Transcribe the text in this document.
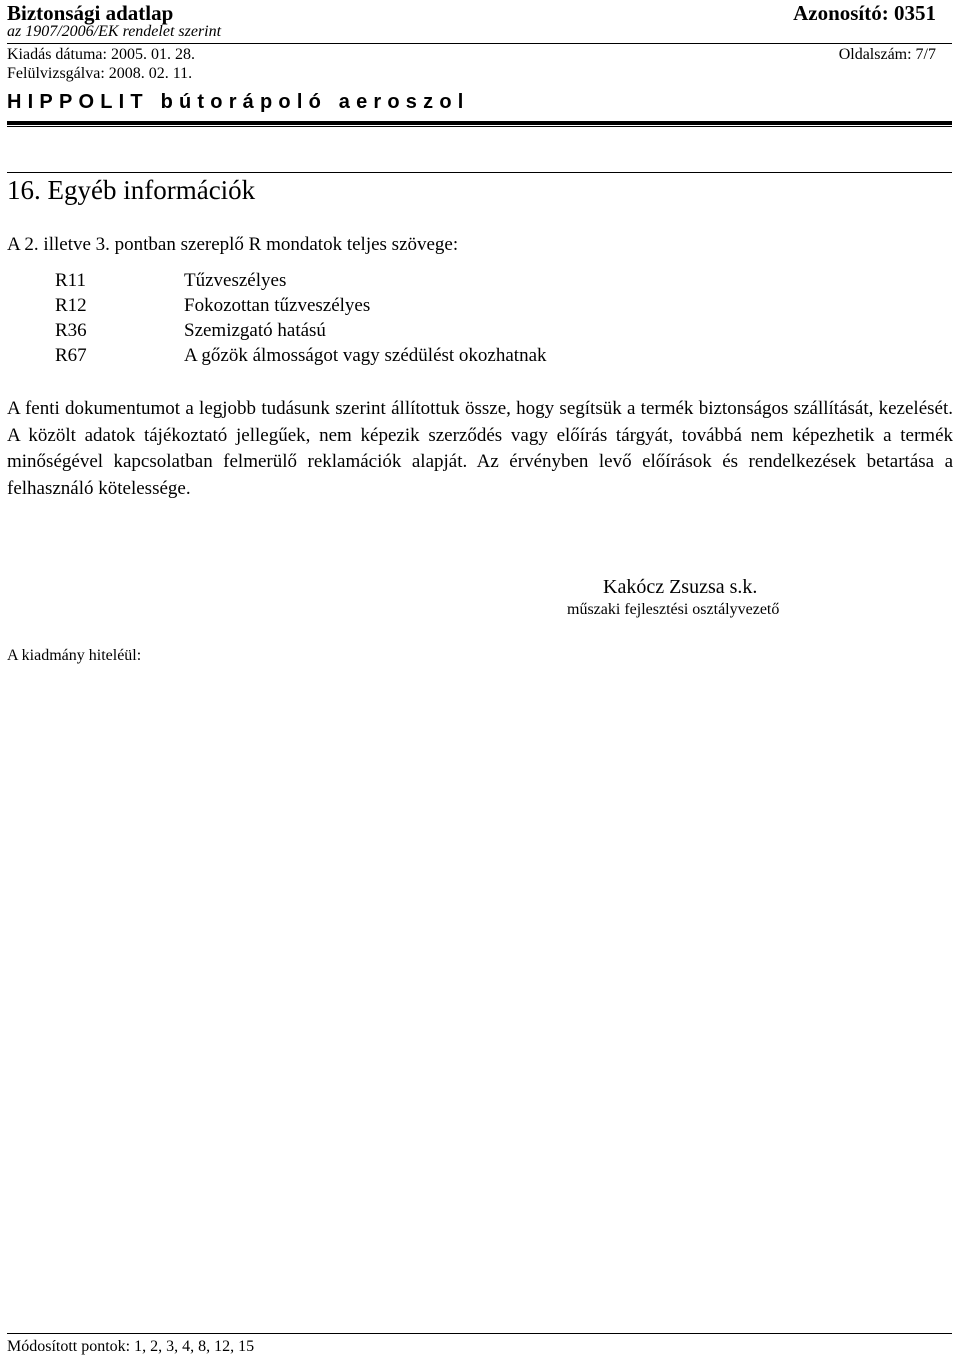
Biztonsági adatlap	Azonosító: 0351
az 1907/2006/EK rendelet szerint
Kiadás dátuma: 2005. 01. 28.	Oldalszám: 7/7
Felülvizsgálva: 2008. 02. 11.
HIPPOLIT bútorápoló aeroszol
16. Egyéb információk
A 2. illetve 3. pontban szereplő R mondatok teljes szövege:
R11	Tűzveszélyes
R12	Fokozottan tűzveszélyes
R36	Szemizgató hatású
R67	A gőzök álmosságot vagy szédülést okozhatnak
A fenti dokumentumot a legjobb tudásunk szerint állítottuk össze, hogy segítsük a termék biztonságos szállítását, kezelését. A közölt adatok tájékoztató jellegűek, nem képezik szerződés vagy előírás tárgyát, továbbá nem képezhetik a termék minőségével kapcsolatban felmerülő reklamációk alapját. Az érvényben levő előírások és rendelkezések betartása a felhasználó kötelessége.
Kakócz Zsuzsa s.k.
műszaki fejlesztési osztályvezető
A kiadmány hiteléül:
Módosított pontok: 1, 2, 3, 4, 8, 12, 15
